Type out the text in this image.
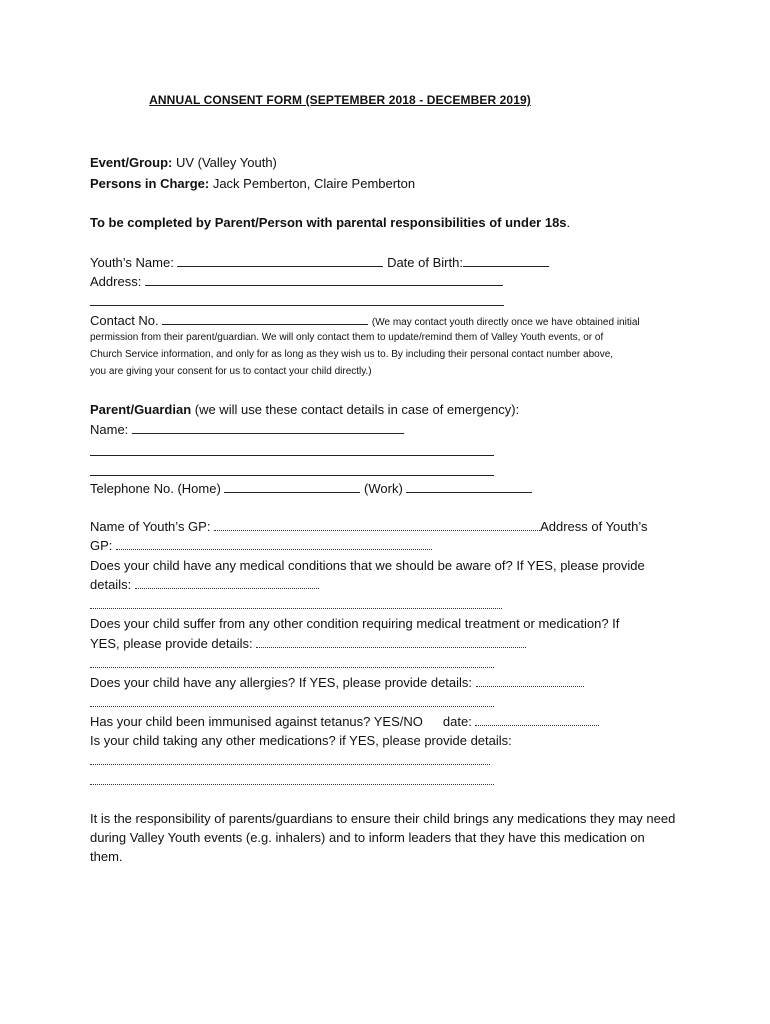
ANNUAL CONSENT FORM (SEPTEMBER 2018 - DECEMBER 2019)
Event/Group: UV (Valley Youth)
Persons in Charge: Jack Pemberton, Claire Pemberton
To be completed by Parent/Person with parental responsibilities of under 18s.
Youth’s Name:	Date of Birth:
Address:
Contact No.	(We may contact youth directly once we have obtained initial
permission from their parent/guardian. We will only contact them to update/remind them of Valley Youth events, or of
Church Service information, and only for as long as they wish us to. By including their personal contact number above,
you are giving your consent for us to contact your child directly.)
Parent/Guardian (we will use these contact details in case of emergency):
Name:
Telephone No. (Home)	(Work)
Name of Youth’s GP:	Address of Youth’s
GP:
Does your child have any medical conditions that we should be aware of? If YES, please provide
details:
Does your child suffer from any other condition requiring medical treatment or medication? If
YES, please provide details:
Does your child have any allergies? If YES, please provide details:
Has your child been immunised against tetanus? YES/NO date:
Is your child taking any other medications? if YES, please provide details:
It is the responsibility of parents/guardians to ensure their child brings any medications they may need during Valley Youth events (e.g. inhalers) and to inform leaders that they have this medication on them.
